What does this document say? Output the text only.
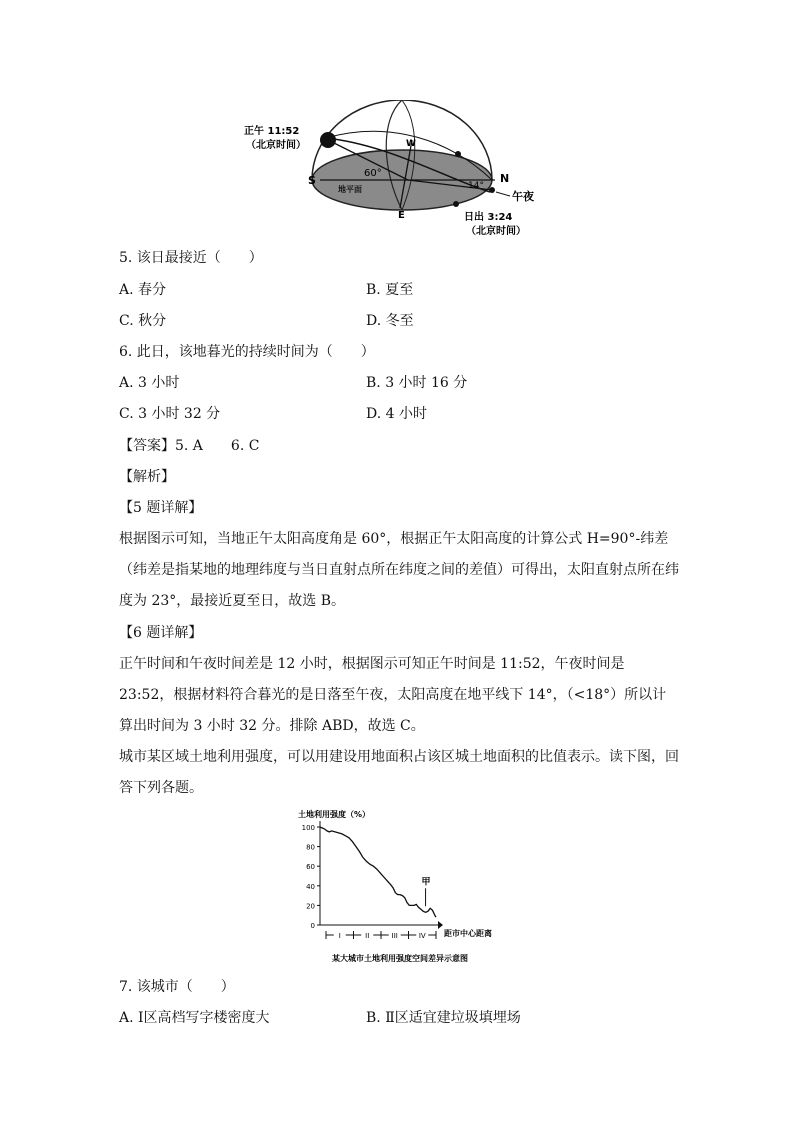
正午 11:52
（北京时间）
S	N
W
E
地平面
60°
14°
午夜
日出 3:24
（北京时间）
5. 该日最接近（　　）
A. 春分	B. 夏至
C. 秋分	D. 冬至
6. 此日，该地暮光的持续时间为（　　）
A. 3 小时	B. 3 小时 16 分
C. 3 小时 32 分	D. 4 小时
【答案】5. A　　6. C
【解析】
【5 题详解】
根据图示可知，当地正午太阳高度角是 60°，根据正午太阳高度的计算公式 H=90°-纬差（纬差是指某地的地理纬度与当日直射点所在纬度之间的差值）可得出，太阳直射点所在纬度为 23°，最接近夏至日，故选 B。
【6 题详解】
正午时间和午夜时间差是 12 小时，根据图示可知正午时间是 11:52，午夜时间是 23:52，根据材料符合暮光的是日落至午夜，太阳高度在地平线下 14°，（<18°）所以计算出时间为 3 小时 32 分。排除 ABD，故选 C。
城市某区域土地利用强度，可以用建设用地面积占该区城土地面积的比值表示。读下图，回答下列各题。
土地利用强度（%）
距市中心距离
0
20
40
60
80
100
I	II	III	IV
甲
某大城市土地利用强度空间差异示意图
7. 该城市（　　）
A. Ⅰ区高档写字楼密度大	B. Ⅱ区适宜建垃圾填埋场
